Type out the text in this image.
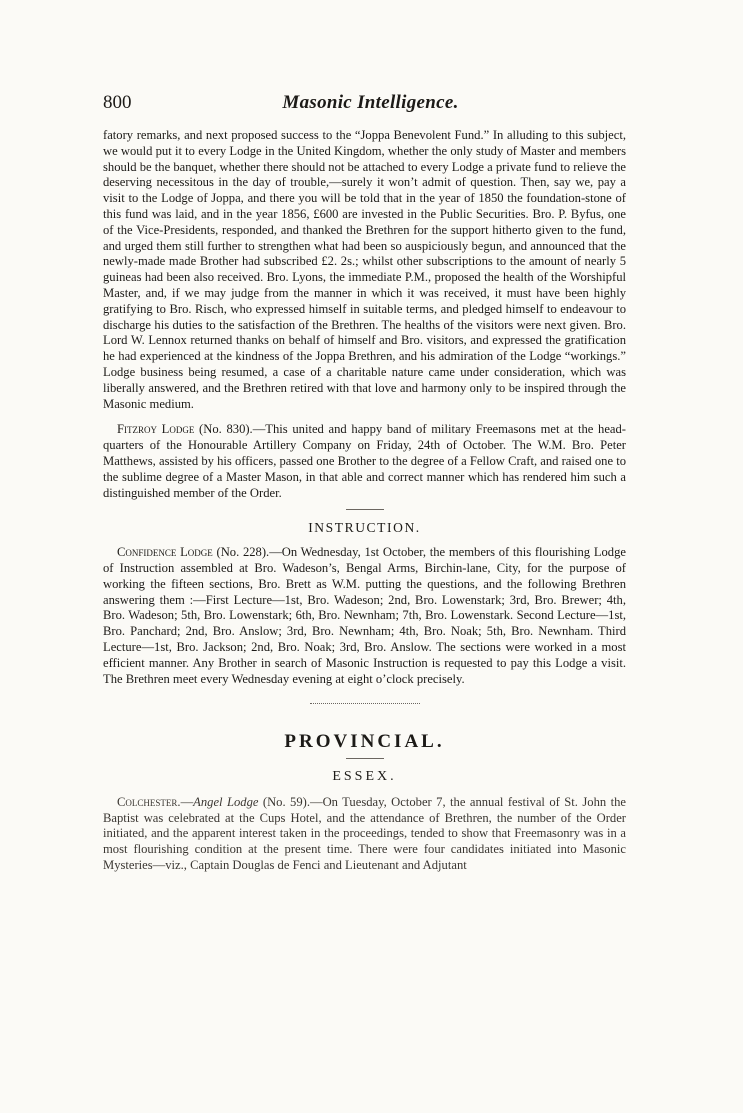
800	Masonic Intelligence.

fatory remarks, and next proposed success to the “Joppa Benevolent Fund.” In alluding to this subject, we would put it to every Lodge in the United Kingdom, whether the only study of Master and members should be the banquet, whether there should not be attached to every Lodge a private fund to relieve the deserving necessitous in the day of trouble,—surely it won’t admit of question. Then, say we, pay a visit to the Lodge of Joppa, and there you will be told that in the year of 1850 the foundation-stone of this fund was laid, and in the year 1856, £600 are invested in the Public Securities. Bro. P. Byfus, one of the Vice-Presidents, responded, and thanked the Brethren for the support hitherto given to the fund, and urged them still further to strengthen what had been so auspiciously begun, and announced that the newly-made made Brother had subscribed £2. 2s.; whilst other subscriptions to the amount of nearly 5 guineas had been also received. Bro. Lyons, the immediate P.M., proposed the health of the Worshipful Master, and, if we may judge from the manner in which it was received, it must have been highly gratifying to Bro. Risch, who expressed himself in suitable terms, and pledged himself to endeavour to discharge his duties to the satisfaction of the Brethren. The healths of the visitors were next given. Bro. Lord W. Lennox returned thanks on behalf of himself and Bro. visitors, and expressed the gratification he had experienced at the kindness of the Joppa Brethren, and his admiration of the Lodge “workings.” Lodge business being resumed, a case of a charitable nature came under consideration, which was liberally answered, and the Brethren retired with that love and harmony only to be inspired through the Masonic medium.

Fitzroy Lodge (No. 830).—This united and happy band of military Freemasons met at the head-quarters of the Honourable Artillery Company on Friday, 24th of October. The W.M. Bro. Peter Matthews, assisted by his officers, passed one Brother to the degree of a Fellow Craft, and raised one to the sublime degree of a Master Mason, in that able and correct manner which has rendered him such a distinguished member of the Order.

INSTRUCTION.

Confidence Lodge (No. 228).—On Wednesday, 1st October, the members of this flourishing Lodge of Instruction assembled at Bro. Wadeson’s, Bengal Arms, Birchin-lane, City, for the purpose of working the fifteen sections, Bro. Brett as W.M. putting the questions, and the following Brethren answering them :—First Lecture—1st, Bro. Wadeson; 2nd, Bro. Lowenstark; 3rd, Bro. Brewer; 4th, Bro. Wadeson; 5th, Bro. Lowenstark; 6th, Bro. Newnham; 7th, Bro. Lowenstark. Second Lecture—1st, Bro. Panchard; 2nd, Bro. Anslow; 3rd, Bro. Newnham; 4th, Bro. Noak; 5th, Bro. Newnham. Third Lecture—1st, Bro. Jackson; 2nd, Bro. Noak; 3rd, Bro. Anslow. The sections were worked in a most efficient manner. Any Brother in search of Masonic Instruction is requested to pay this Lodge a visit. The Brethren meet every Wednesday evening at eight o’clock precisely.

PROVINCIAL.
ESSEX.

Colchester.—Angel Lodge (No. 59).—On Tuesday, October 7, the annual festival of St. John the Baptist was celebrated at the Cups Hotel, and the attendance of Brethren, the number of the Order initiated, and the apparent interest taken in the proceedings, tended to show that Freemasonry was in a most flourishing condition at the present time. There were four candidates initiated into Masonic Mysteries—viz., Captain Douglas de Fenci and Lieutenant and Adjutant
